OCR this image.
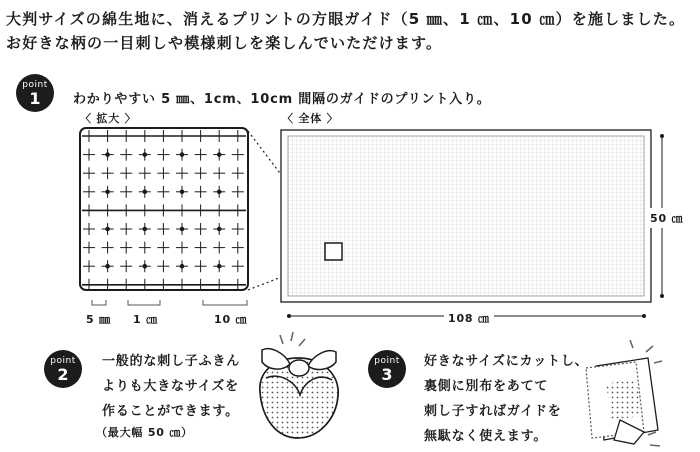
大判サイズの綿生地に、消えるプリントの方眼ガイド（5 ㎜、1 ㎝、10 ㎝）を施しました。
お好きな柄の一目刺しや模様刺しを楽しんでいただけます。
point
1	わかりやすい 5 ㎜、1cm、10cm 間隔のガイドのプリント入り。
〈 拡大 〉	〈 全体 〉
5 ㎜ 1 ㎝	10 ㎝	108 ㎝
50 ㎝
point
2
一般的な刺し子ふきん
よりも大きなサイズを
作ることができます。
（最大幅 50 ㎝）
point
3
好きなサイズにカットし、
裏側に別布をあてて
刺し子すればガイドを
無駄なく使えます。
